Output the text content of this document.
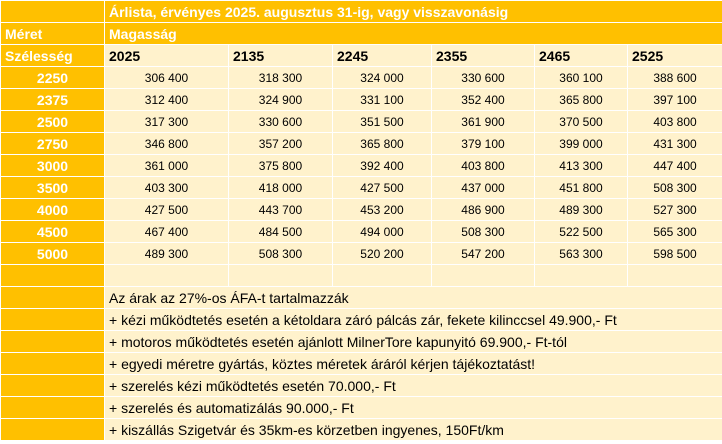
	Árlista, érvényes 2025. augusztus 31-ig, vagy visszavonásig					
Méret	Magasság					
Szélesség	2025	2135	2245	2355	2465	2525
2250	306 400	318 300	324 000	330 600	360 100	388 600
2375	312 400	324 900	331 100	352 400	365 800	397 100
2500	317 300	330 600	351 500	361 900	370 500	403 800
2750	346 800	357 200	365 800	379 100	399 000	431 300
3000	361 000	375 800	392 400	403 800	413 300	447 400
3500	403 300	418 000	427 500	437 000	451 800	508 300
4000	427 500	443 700	453 200	486 900	489 300	527 300
4500	467 400	484 500	494 000	508 300	522 500	565 300
5000	489 300	508 300	520 200	547 200	563 300	598 500

	Az árak az 27%-os ÁFA-t tartalmazzák					
	+ kézi működtetés esetén a kétoldara záró pálcás zár, fekete kilinccsel 49.900,- Ft					
	+ motoros működtetés esetén ajánlott MilnerTore kapunyitó 69.900,- Ft-tól					
	+ egyedi méretre gyártás, köztes méretek áráról kérjen tájékoztatást!					
	+ szerelés kézi működtetés esetén 70.000,- Ft					
	+ szerelés és automatizálás 90.000,- Ft					
	+ kiszállás Szigetvár és 35km-es körzetben ingyenes, 150Ft/km					
